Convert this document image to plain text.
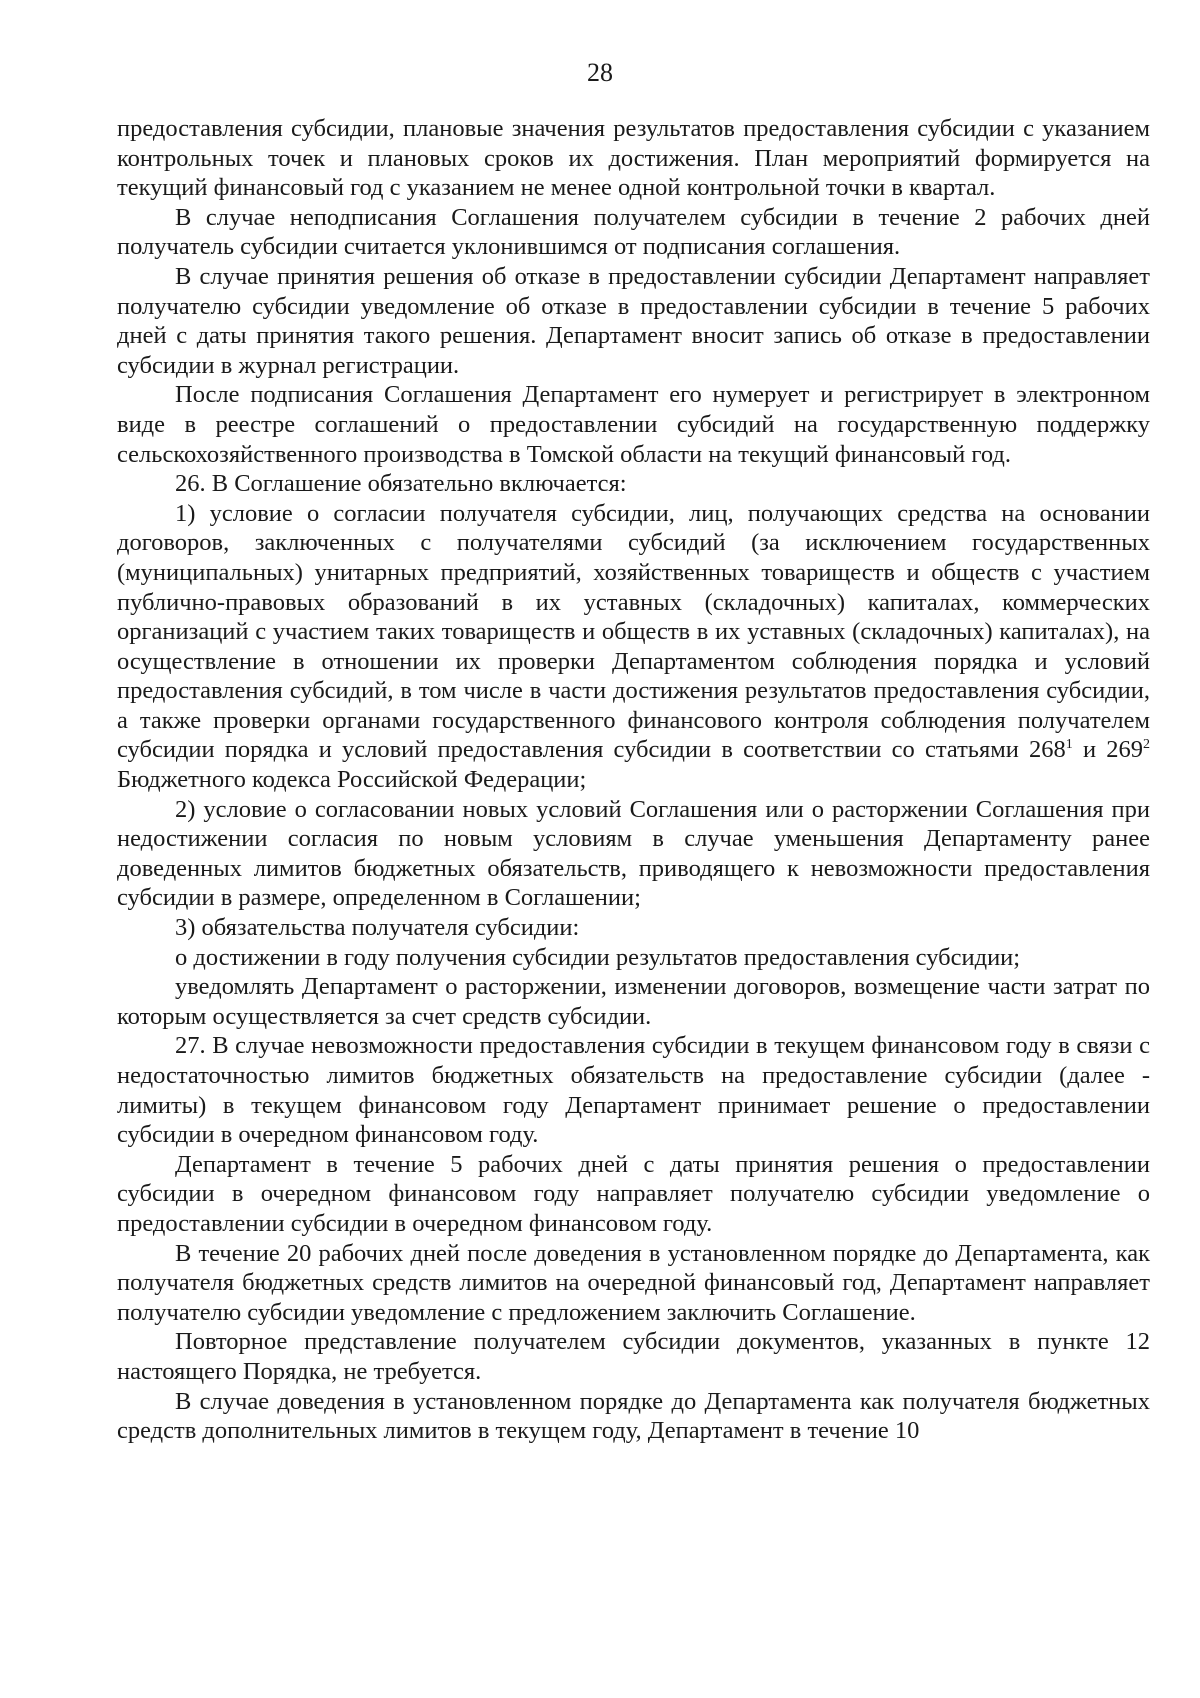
28

предоставления субсидии, плановые значения результатов предоставления субсидии с указанием контрольных точек и плановых сроков их достижения. План мероприятий формируется на текущий финансовый год с указанием не менее одной контрольной точки в квартал.

В случае неподписания Соглашения получателем субсидии в течение 2 рабочих дней получатель субсидии считается уклонившимся от подписания соглашения.

В случае принятия решения об отказе в предоставлении субсидии Департамент направляет получателю субсидии уведомление об отказе в предоставлении субсидии в течение 5 рабочих дней с даты принятия такого решения. Департамент вносит запись об отказе в предоставлении субсидии в журнал регистрации.

После подписания Соглашения Департамент его нумерует и регистрирует в электронном виде в реестре соглашений о предоставлении субсидий на государственную поддержку сельскохозяйственного производства в Томской области на текущий финансовый год.

26. В Соглашение обязательно включается:

1) условие о согласии получателя субсидии, лиц, получающих средства на основании договоров, заключенных с получателями субсидий (за исключением государственных (муниципальных) унитарных предприятий, хозяйственных товариществ и обществ с участием публично-правовых образований в их уставных (складочных) капиталах, коммерческих организаций с участием таких товариществ и обществ в их уставных (складочных) капиталах), на осуществление в отношении их проверки Департаментом соблюдения порядка и условий предоставления субсидий, в том числе в части достижения результатов предоставления субсидии, а также проверки органами государственного финансового контроля соблюдения получателем субсидии порядка и условий предоставления субсидии в соответствии со статьями $268^1$ и $269^2$ Бюджетного кодекса Российской Федерации;

2) условие о согласовании новых условий Соглашения или о расторжении Соглашения при недостижении согласия по новым условиям в случае уменьшения Департаменту ранее доведенных лимитов бюджетных обязательств, приводящего к невозможности предоставления субсидии в размере, определенном в Соглашении;

3) обязательства получателя субсидии:

о достижении в году получения субсидии результатов предоставления субсидии;

уведомлять Департамент о расторжении, изменении договоров, возмещение части затрат по которым осуществляется за счет средств субсидии.

27. В случае невозможности предоставления субсидии в текущем финансовом году в связи с недостаточностью лимитов бюджетных обязательств на предоставление субсидии (далее - лимиты) в текущем финансовом году Департамент принимает решение о предоставлении субсидии в очередном финансовом году.

Департамент в течение 5 рабочих дней с даты принятия решения о предоставлении субсидии в очередном финансовом году направляет получателю субсидии уведомление о предоставлении субсидии в очередном финансовом году.

В течение 20 рабочих дней после доведения в установленном порядке до Департамента, как получателя бюджетных средств лимитов на очередной финансовый год, Департамент направляет получателю субсидии уведомление с предложением заключить Соглашение.

Повторное представление получателем субсидии документов, указанных в пункте 12 настоящего Порядка, не требуется.

В случае доведения в установленном порядке до Департамента как получателя бюджетных средств дополнительных лимитов в текущем году, Департамент в течение 10
